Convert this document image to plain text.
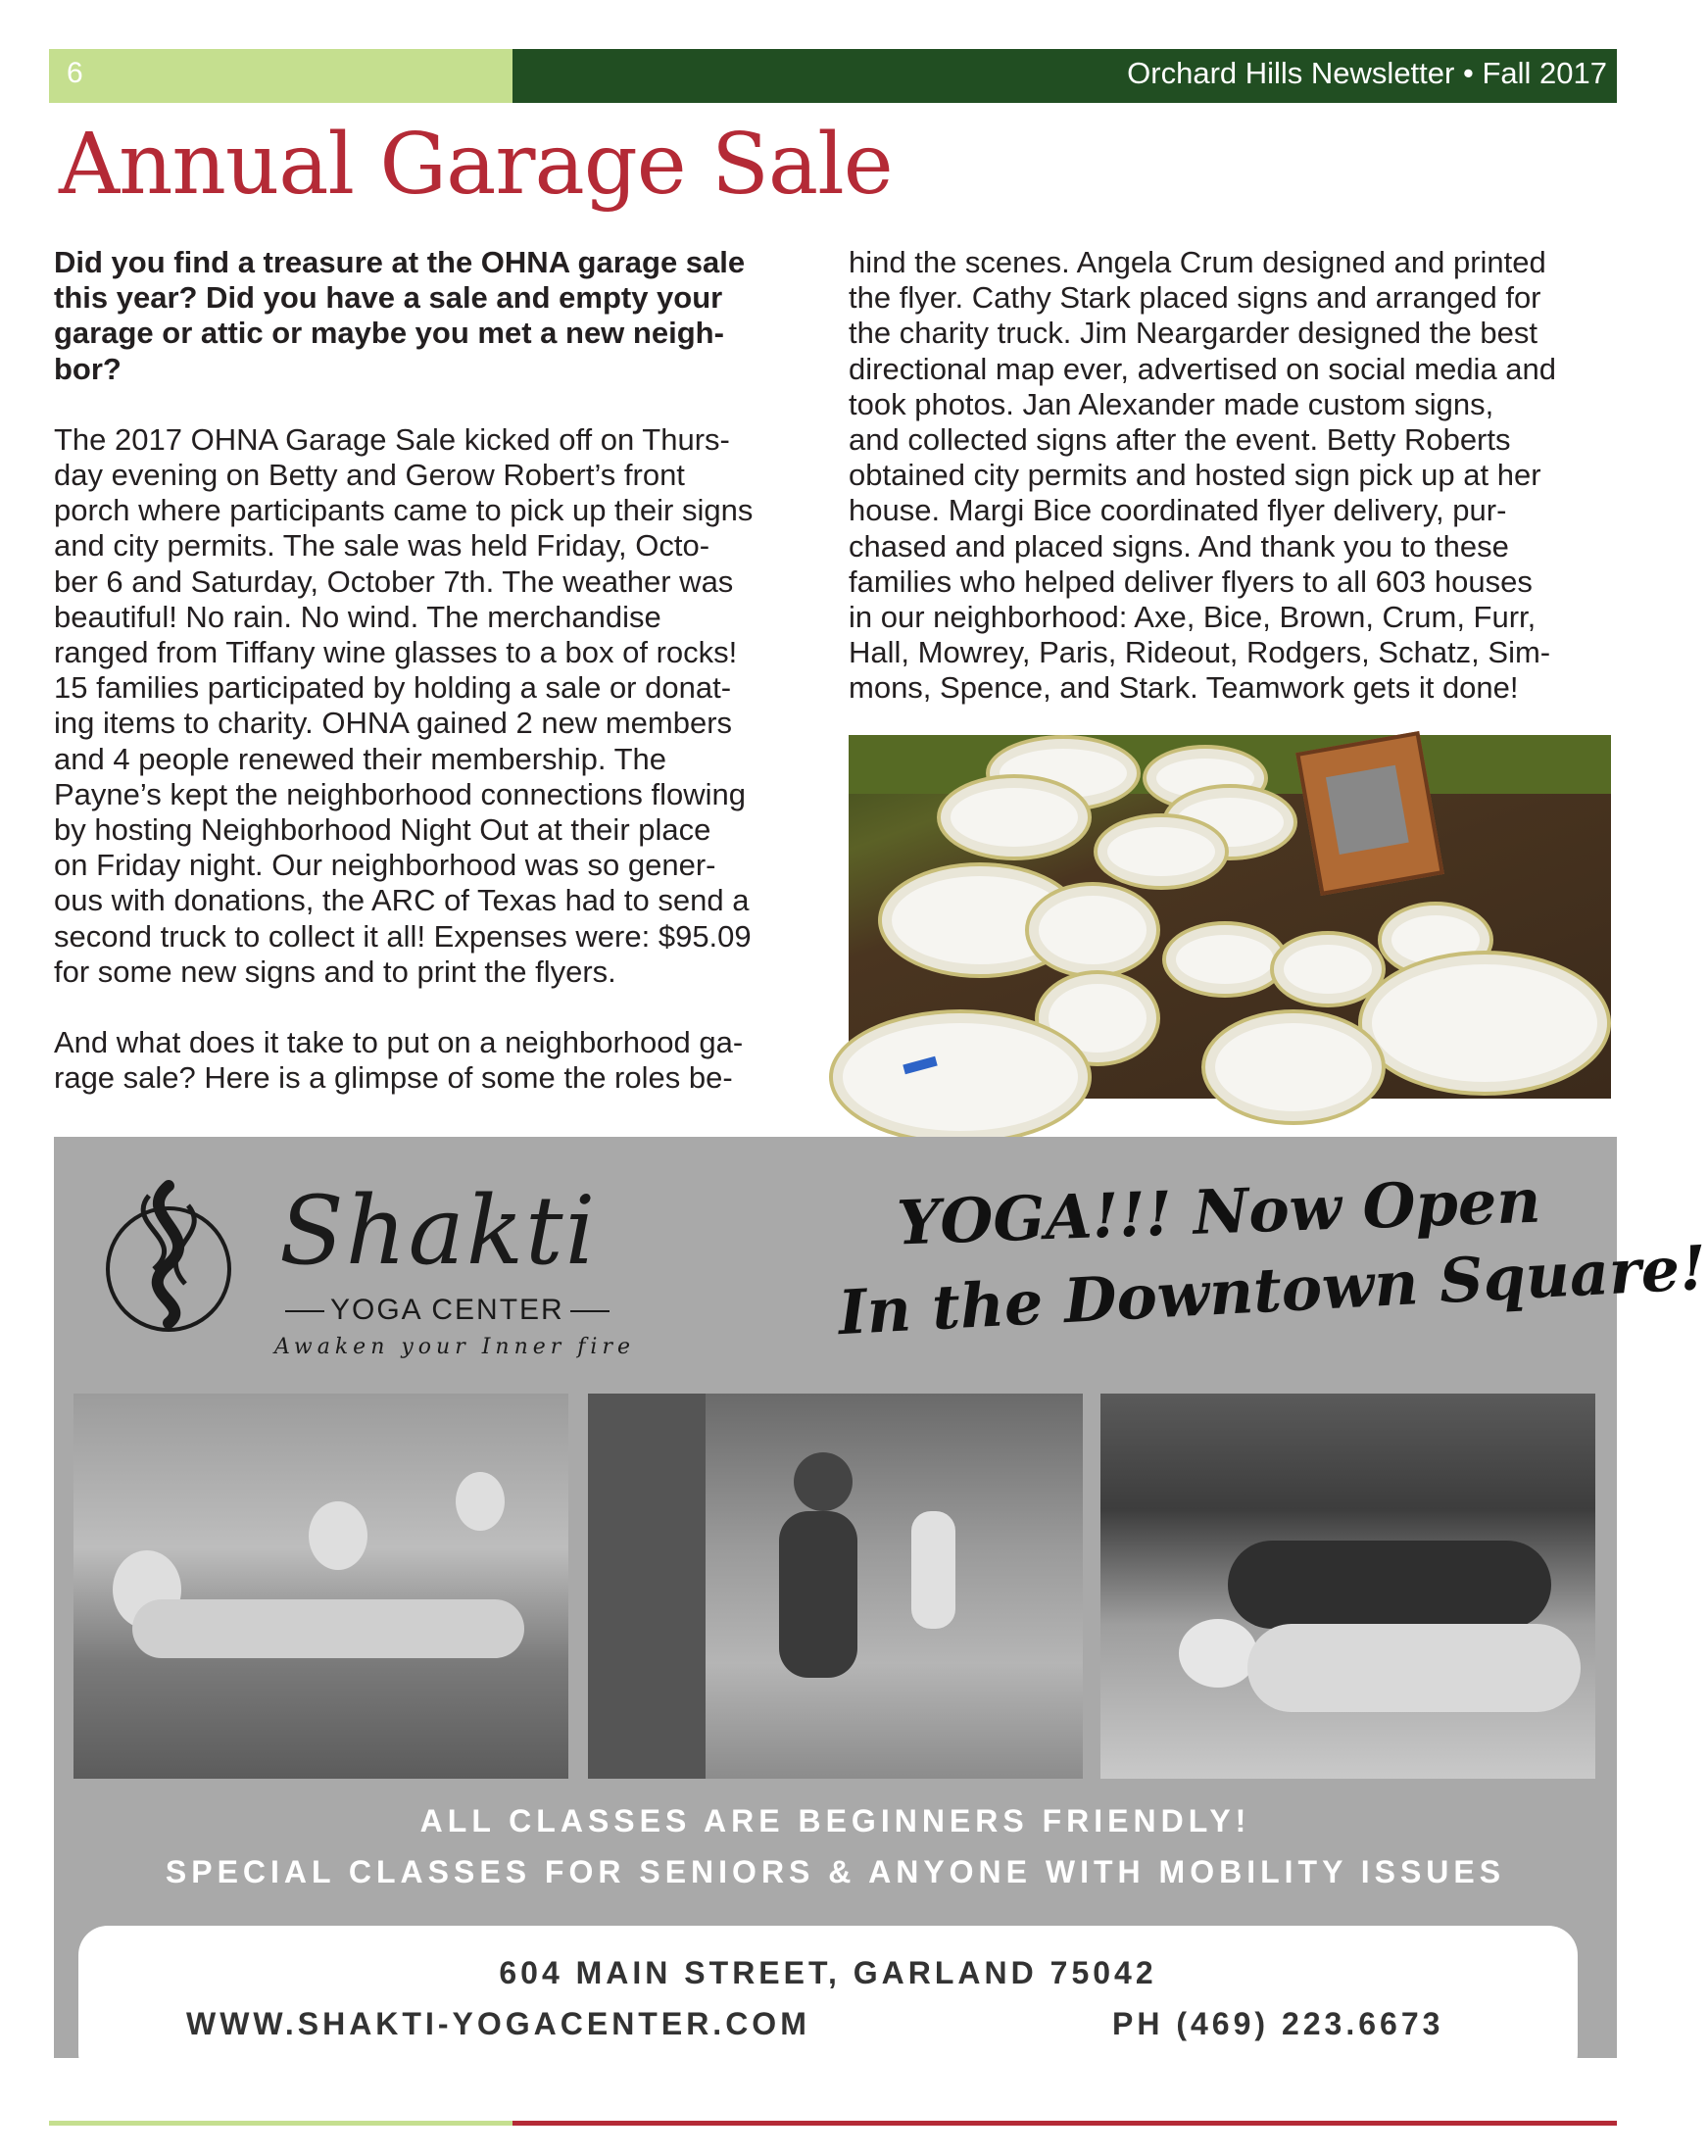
6	Orchard Hills Newsletter • Fall 2017
Annual Garage Sale

Did you find a treasure at the OHNA garage sale

this year? Did you have a sale and empty your

garage or attic or maybe you met a new neigh-

bor?

The 2017 OHNA Garage Sale kicked off on Thurs-

day evening on Betty and Gerow Robert’s front

porch where participants came to pick up their signs

and city permits. The sale was held Friday, Octo-

ber 6 and Saturday, October 7th. The weather was

beautiful! No rain. No wind. The merchandise

ranged from Tiffany wine glasses to a box of rocks!

15 families participated by holding a sale or donat-

ing items to charity. OHNA gained 2 new members

and 4 people renewed their membership. The

Payne’s kept the neighborhood connections flowing

by hosting Neighborhood Night Out at their place

on Friday night. Our neighborhood was so gener-

ous with donations, the ARC of Texas had to send a

second truck to collect it all! Expenses were: $95.09

for some new signs and to print the flyers.

And what does it take to put on a neighborhood ga-

rage sale? Here is a glimpse of some the roles be-

hind the scenes. Angela Crum designed and printed

the flyer. Cathy Stark placed signs and arranged for

the charity truck. Jim Neargarder designed the best

directional map ever, advertised on social media and

took photos. Jan Alexander made custom signs,

and collected signs after the event. Betty Roberts

obtained city permits and hosted sign pick up at her

house. Margi Bice coordinated flyer delivery, pur-

chased and placed signs. And thank you to these

families who helped deliver flyers to all 603 houses

in our neighborhood: Axe, Bice, Brown, Crum, Furr,

Hall, Mowrey, Paris, Rideout, Rodgers, Schatz, Sim-

mons, Spence, and Stark. Teamwork gets it done!

Shakti
YOGA CENTER
Awaken your Inner fire
YOGA!!! Now Open
In the Downtown Square!
ALL CLASSES ARE BEGINNERS FRIENDLY!
SPECIAL CLASSES FOR SENIORS & ANYONE WITH MOBILITY ISSUES
604 MAIN STREET, GARLAND 75042
WWW.SHAKTI-YOGACENTER.COM	PH (469) 223.6673
